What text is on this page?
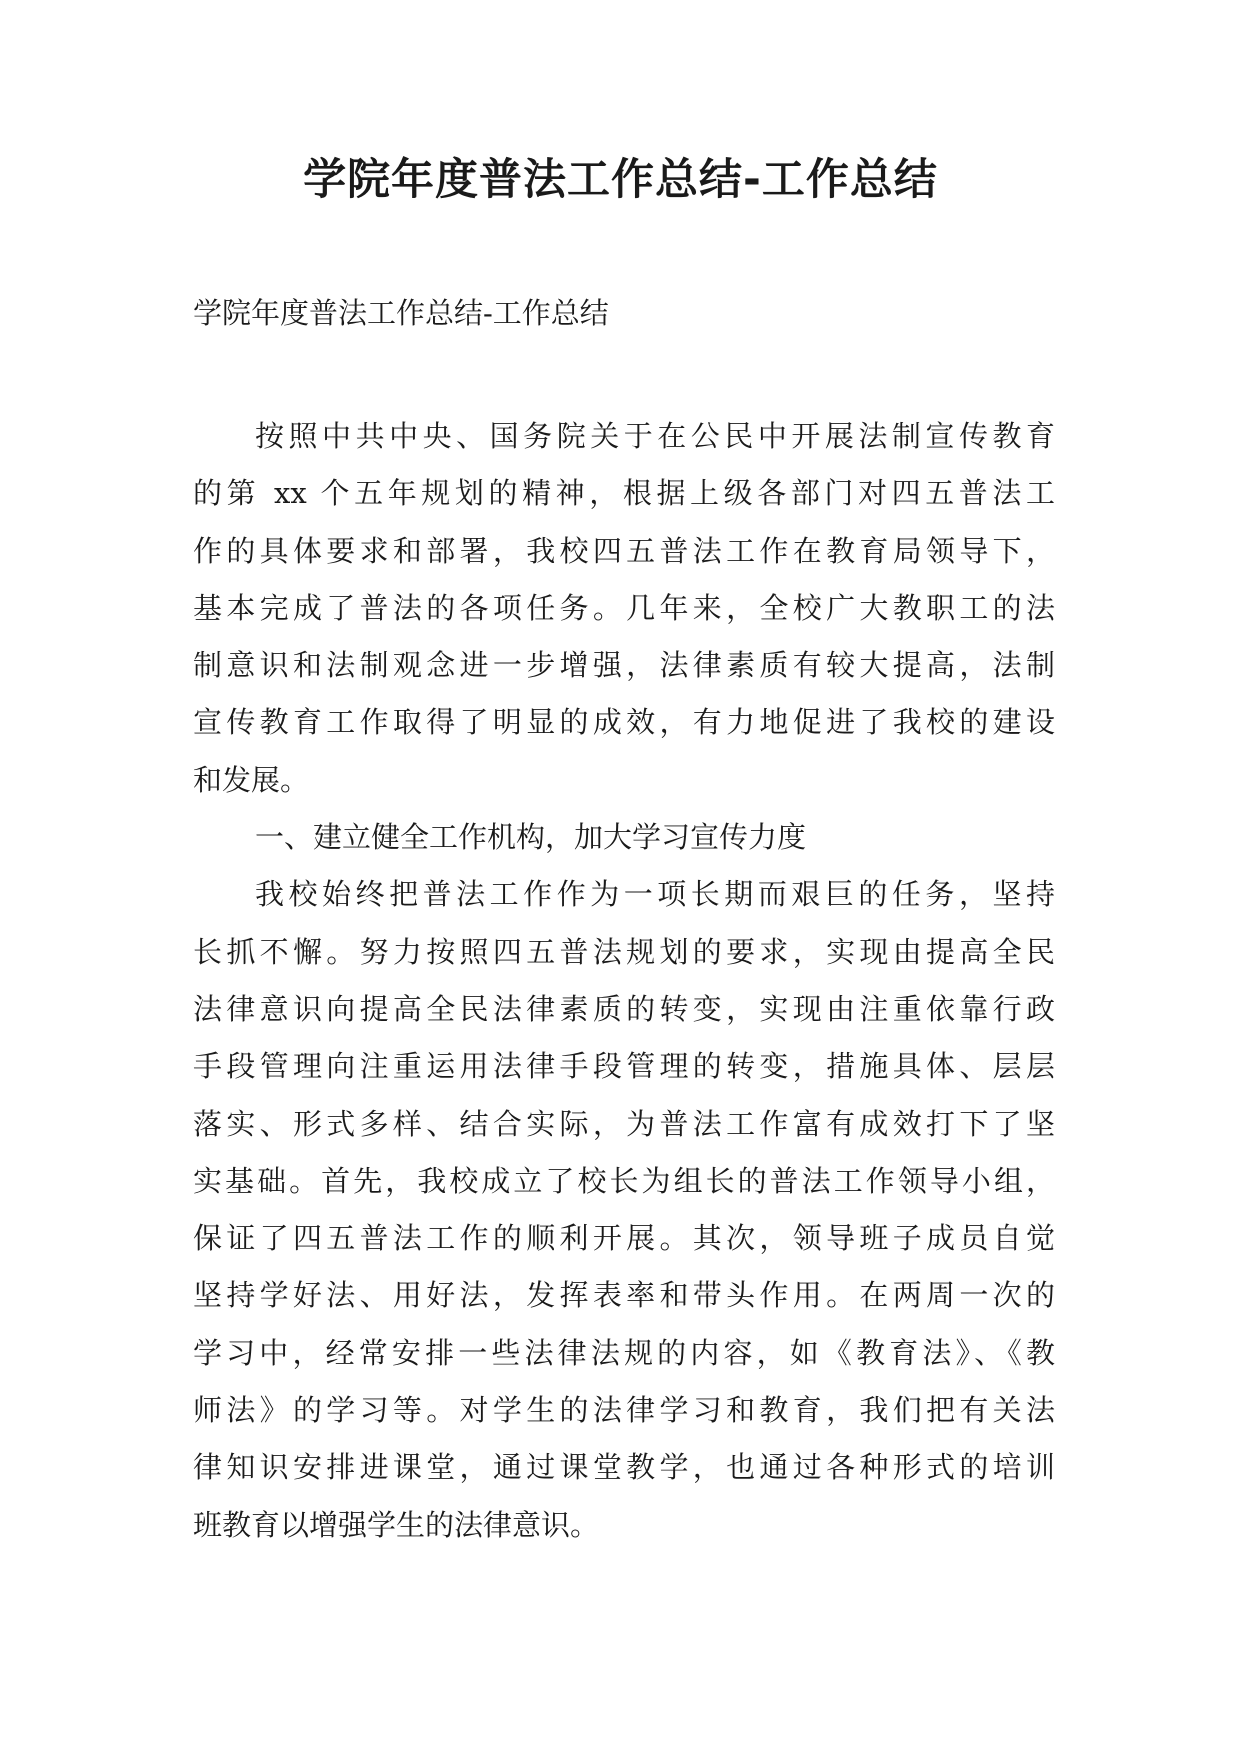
学院年度普法工作总结-工作总结

学院年度普法工作总结-工作总结

按照中共中央、国务院关于在公民中开展法制宣传教育
的第 xx 个五年规划的精神，根据上级各部门对四五普法工
作的具体要求和部署，我校四五普法工作在教育局领导下，
基本完成了普法的各项任务。几年来，全校广大教职工的法
制意识和法制观念进一步增强，法律素质有较大提高，法制
宣传教育工作取得了明显的成效，有力地促进了我校的建设
和发展。
一、建立健全工作机构，加大学习宣传力度
我校始终把普法工作作为一项长期而艰巨的任务，坚持
长抓不懈。努力按照四五普法规划的要求，实现由提高全民
法律意识向提高全民法律素质的转变，实现由注重依靠行政
手段管理向注重运用法律手段管理的转变，措施具体、层层
落实、形式多样、结合实际，为普法工作富有成效打下了坚
实基础。首先，我校成立了校长为组长的普法工作领导小组，
保证了四五普法工作的顺利开展。其次，领导班子成员自觉
坚持学好法、用好法，发挥表率和带头作用。在两周一次的
学习中，经常安排一些法律法规的内容，如《教育法》、《教
师法》的学习等。对学生的法律学习和教育，我们把有关法
律知识安排进课堂，通过课堂教学，也通过各种形式的培训
班教育以增强学生的法律意识。
